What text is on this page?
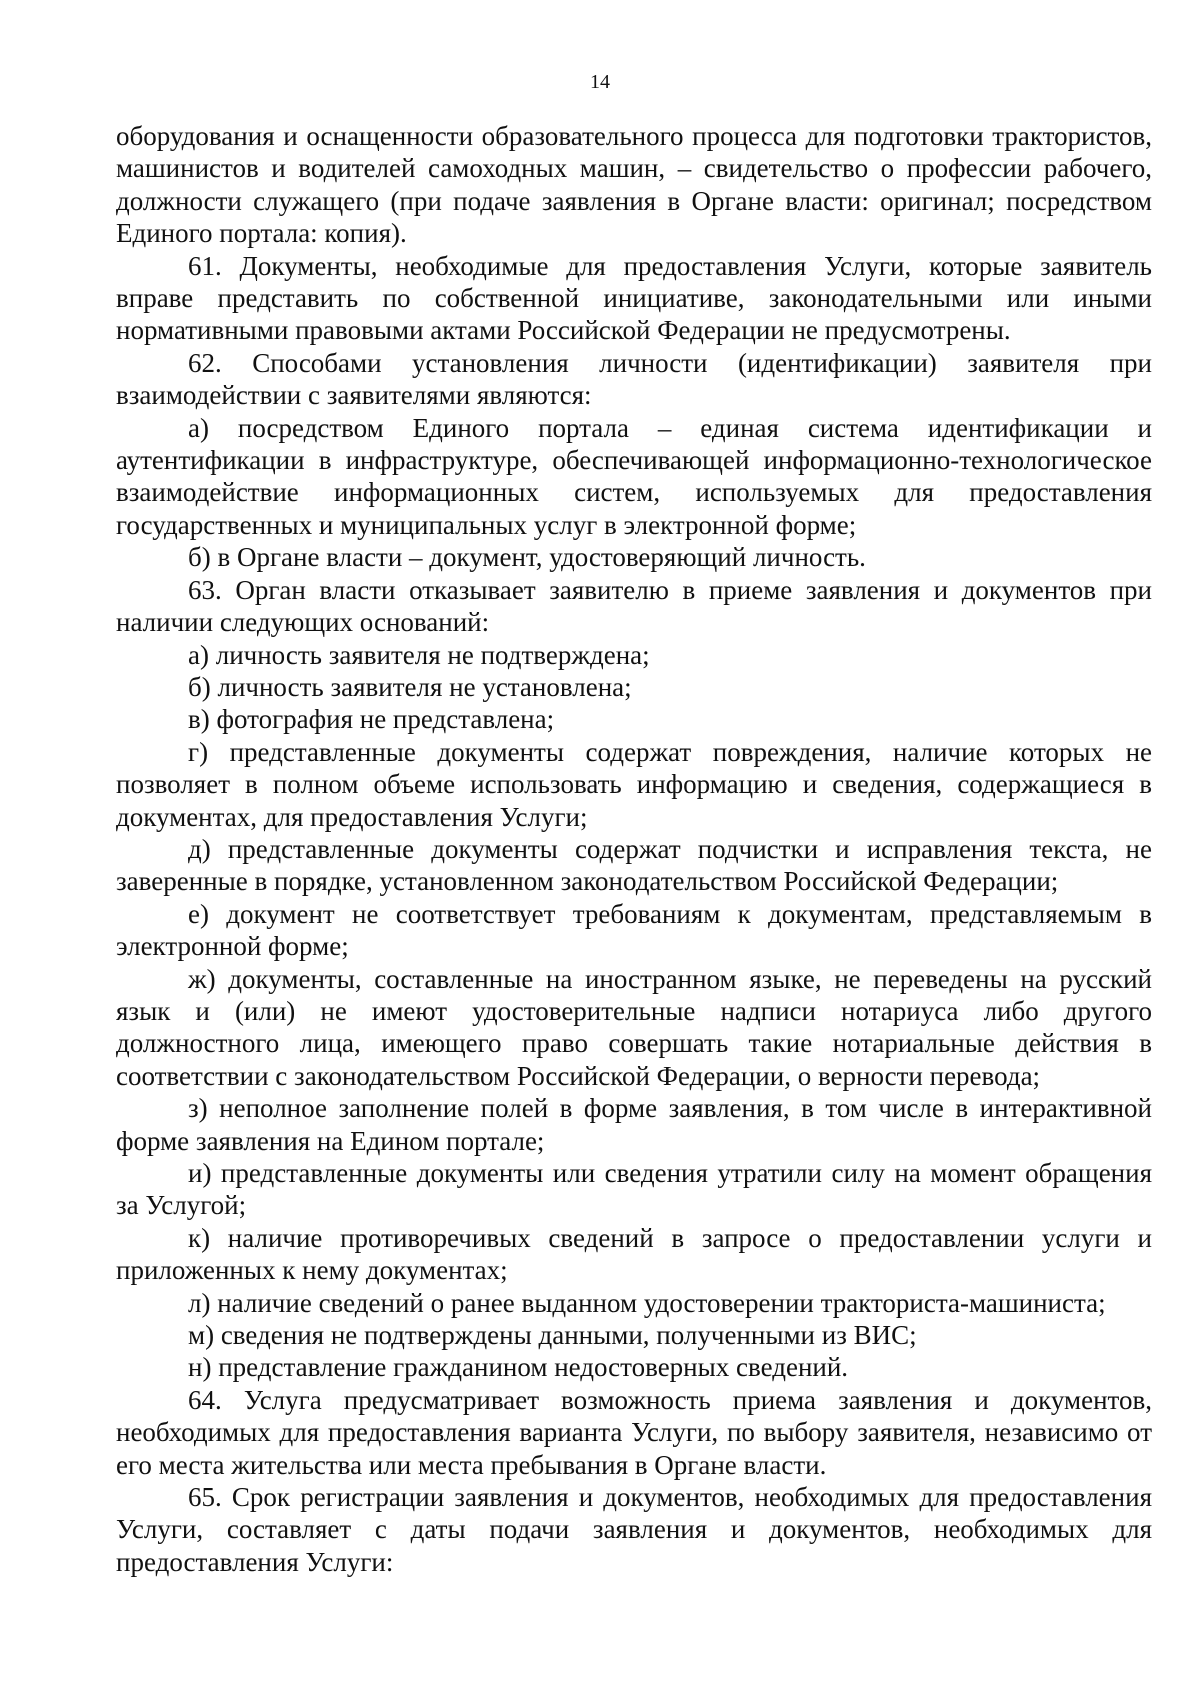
14

оборудования и оснащенности образовательного процесса для подготовки трактористов, машинистов и водителей самоходных машин, – свидетельство о профессии рабочего, должности служащего (при подаче заявления в Органе власти: оригинал; посредством Единого портала: копия).

61. Документы, необходимые для предоставления Услуги, которые заявитель вправе представить по собственной инициативе, законодательными или иными нормативными правовыми актами Российской Федерации не предусмотрены.

62. Способами установления личности (идентификации) заявителя при взаимодействии с заявителями являются:

а) посредством Единого портала – единая система идентификации и аутентификации в инфраструктуре, обеспечивающей информационно-технологическое взаимодействие информационных систем, используемых для предоставления государственных и муниципальных услуг в электронной форме;

б) в Органе власти – документ, удостоверяющий личность.

63. Орган власти отказывает заявителю в приеме заявления и документов при наличии следующих оснований:

а) личность заявителя не подтверждена;

б) личность заявителя не установлена;

в) фотография не представлена;

г) представленные документы содержат повреждения, наличие которых не позволяет в полном объеме использовать информацию и сведения, содержащиеся в документах, для предоставления Услуги;

д) представленные документы содержат подчистки и исправления текста, не заверенные в порядке, установленном законодательством Российской Федерации;

е) документ не соответствует требованиям к документам, представляемым в электронной форме;

ж) документы, составленные на иностранном языке, не переведены на русский язык и (или) не имеют удостоверительные надписи нотариуса либо другого должностного лица, имеющего право совершать такие нотариальные действия в соответствии с законодательством Российской Федерации, о верности перевода;

з) неполное заполнение полей в форме заявления, в том числе в интерактивной форме заявления на Едином портале;

и) представленные документы или сведения утратили силу на момент обращения за Услугой;

к) наличие противоречивых сведений в запросе о предоставлении услуги и приложенных к нему документах;

л) наличие сведений о ранее выданном удостоверении тракториста-машиниста;

м) сведения не подтверждены данными, полученными из ВИС;

н) представление гражданином недостоверных сведений.

64. Услуга предусматривает возможность приема заявления и документов, необходимых для предоставления варианта Услуги, по выбору заявителя, независимо от его места жительства или места пребывания в Органе власти.

65. Срок регистрации заявления и документов, необходимых для предоставления Услуги, составляет с даты подачи заявления и документов, необходимых для предоставления Услуги:
